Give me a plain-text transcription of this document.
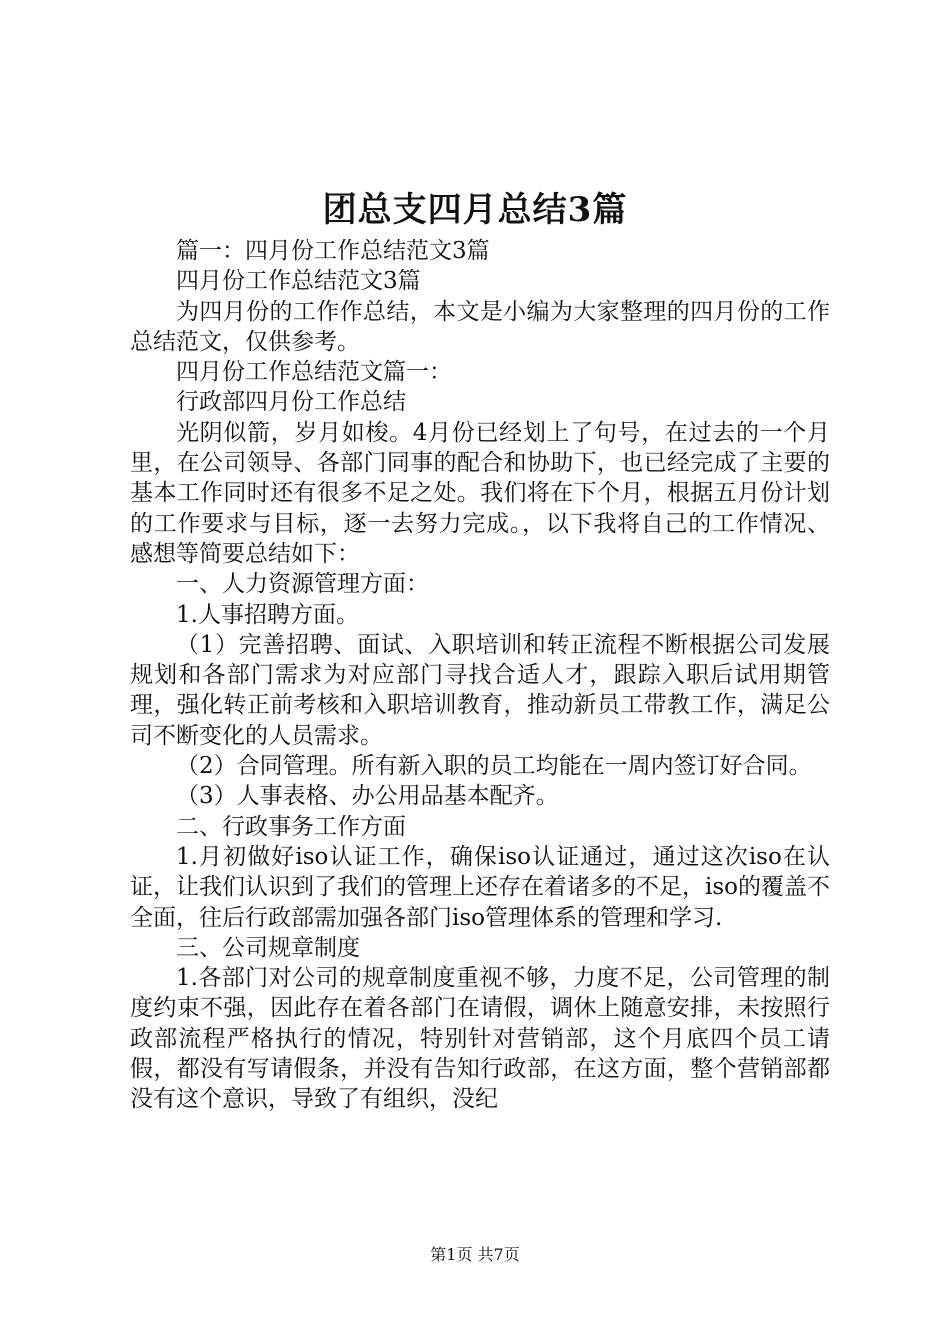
团总支四月总结3篇

篇一：四月份工作总结范文3篇

四月份工作总结范文3篇

为四月份的工作作总结，本文是小编为大家整理的四月份的工作总结范文，仅供参考。

四月份工作总结范文篇一：

行政部四月份工作总结

光阴似箭，岁月如梭。4月份已经划上了句号，在过去的一个月里，在公司领导、各部门同事的配合和协助下，也已经完成了主要的基本工作同时还有很多不足之处。我们将在下个月，根据五月份计划的工作要求与目标，逐一去努力完成。，以下我将自己的工作情况、感想等简要总结如下：

一、人力资源管理方面：

1.人事招聘方面。

（1）完善招聘、面试、入职培训和转正流程不断根据公司发展规划和各部门需求为对应部门寻找合适人才，跟踪入职后试用期管理，强化转正前考核和入职培训教育，推动新员工带教工作，满足公司不断变化的人员需求。

（2）合同管理。所有新入职的员工均能在一周内签订好合同。

（3）人事表格、办公用品基本配齐。

二、行政事务工作方面

1.月初做好iso认证工作，确保iso认证通过，通过这次iso在认证，让我们认识到了我们的管理上还存在着诸多的不足，iso的覆盖不全面，往后行政部需加强各部门iso管理体系的管理和学习.

三、公司规章制度

1.各部门对公司的规章制度重视不够，力度不足，公司管理的制度约束不强，因此存在着各部门在请假，调休上随意安排，未按照行政部流程严格执行的情况，特别针对营销部，这个月底四个员工请假，都没有写请假条，并没有告知行政部，在这方面，整个营销部都没有这个意识，导致了有组织，没纪

第1页 共7页
